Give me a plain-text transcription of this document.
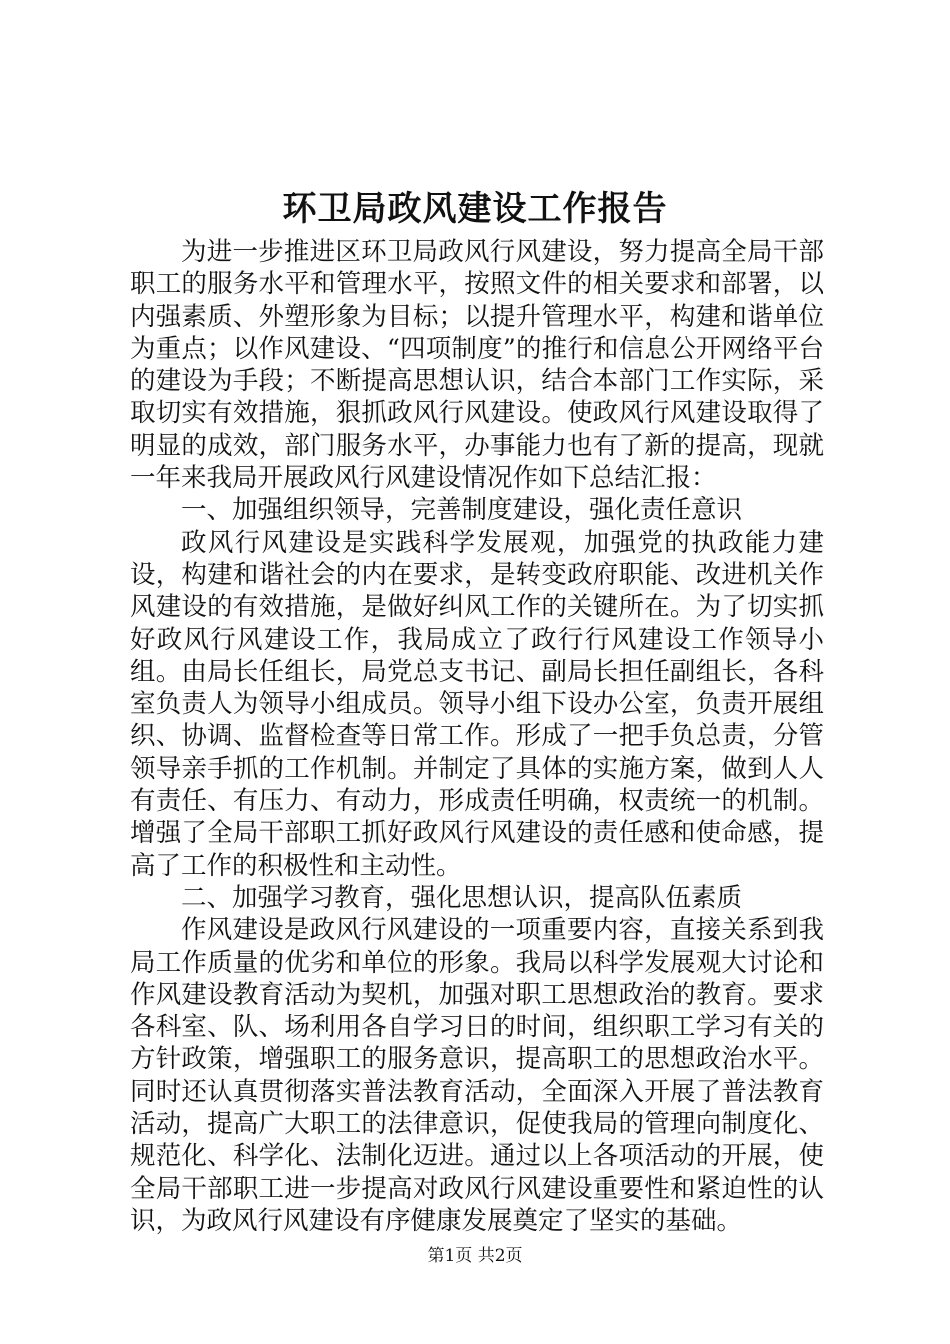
环卫局政风建设工作报告

为进一步推进区环卫局政风行风建设，努力提高全局干部职工的服务水平和管理水平，按照文件的相关要求和部署，以内强素质、外塑形象为目标；以提升管理水平，构建和谐单位为重点；以作风建设、“四项制度”的推行和信息公开网络平台的建设为手段；不断提高思想认识，结合本部门工作实际，采取切实有效措施，狠抓政风行风建设。使政风行风建设取得了明显的成效，部门服务水平，办事能力也有了新的提高，现就一年来我局开展政风行风建设情况作如下总结汇报：

一、加强组织领导，完善制度建设，强化责任意识

政风行风建设是实践科学发展观，加强党的执政能力建设，构建和谐社会的内在要求，是转变政府职能、改进机关作风建设的有效措施，是做好纠风工作的关键所在。为了切实抓好政风行风建设工作，我局成立了政行行风建设工作领导小组。由局长任组长，局党总支书记、副局长担任副组长，各科室负责人为领导小组成员。领导小组下设办公室，负责开展组织、协调、监督检查等日常工作。形成了一把手负总责，分管领导亲手抓的工作机制。并制定了具体的实施方案，做到人人有责任、有压力、有动力，形成责任明确，权责统一的机制。增强了全局干部职工抓好政风行风建设的责任感和使命感，提高了工作的积极性和主动性。

二、加强学习教育，强化思想认识，提高队伍素质

作风建设是政风行风建设的一项重要内容，直接关系到我局工作质量的优劣和单位的形象。我局以科学发展观大讨论和作风建设教育活动为契机，加强对职工思想政治的教育。要求各科室、队、场利用各自学习日的时间，组织职工学习有关的方针政策，增强职工的服务意识，提高职工的思想政治水平。同时还认真贯彻落实普法教育活动，全面深入开展了普法教育活动，提高广大职工的法律意识，促使我局的管理向制度化、规范化、科学化、法制化迈进。通过以上各项活动的开展，使全局干部职工进一步提高对政风行风建设重要性和紧迫性的认识，为政风行风建设有序健康发展奠定了坚实的基础。

第1页 共2页
